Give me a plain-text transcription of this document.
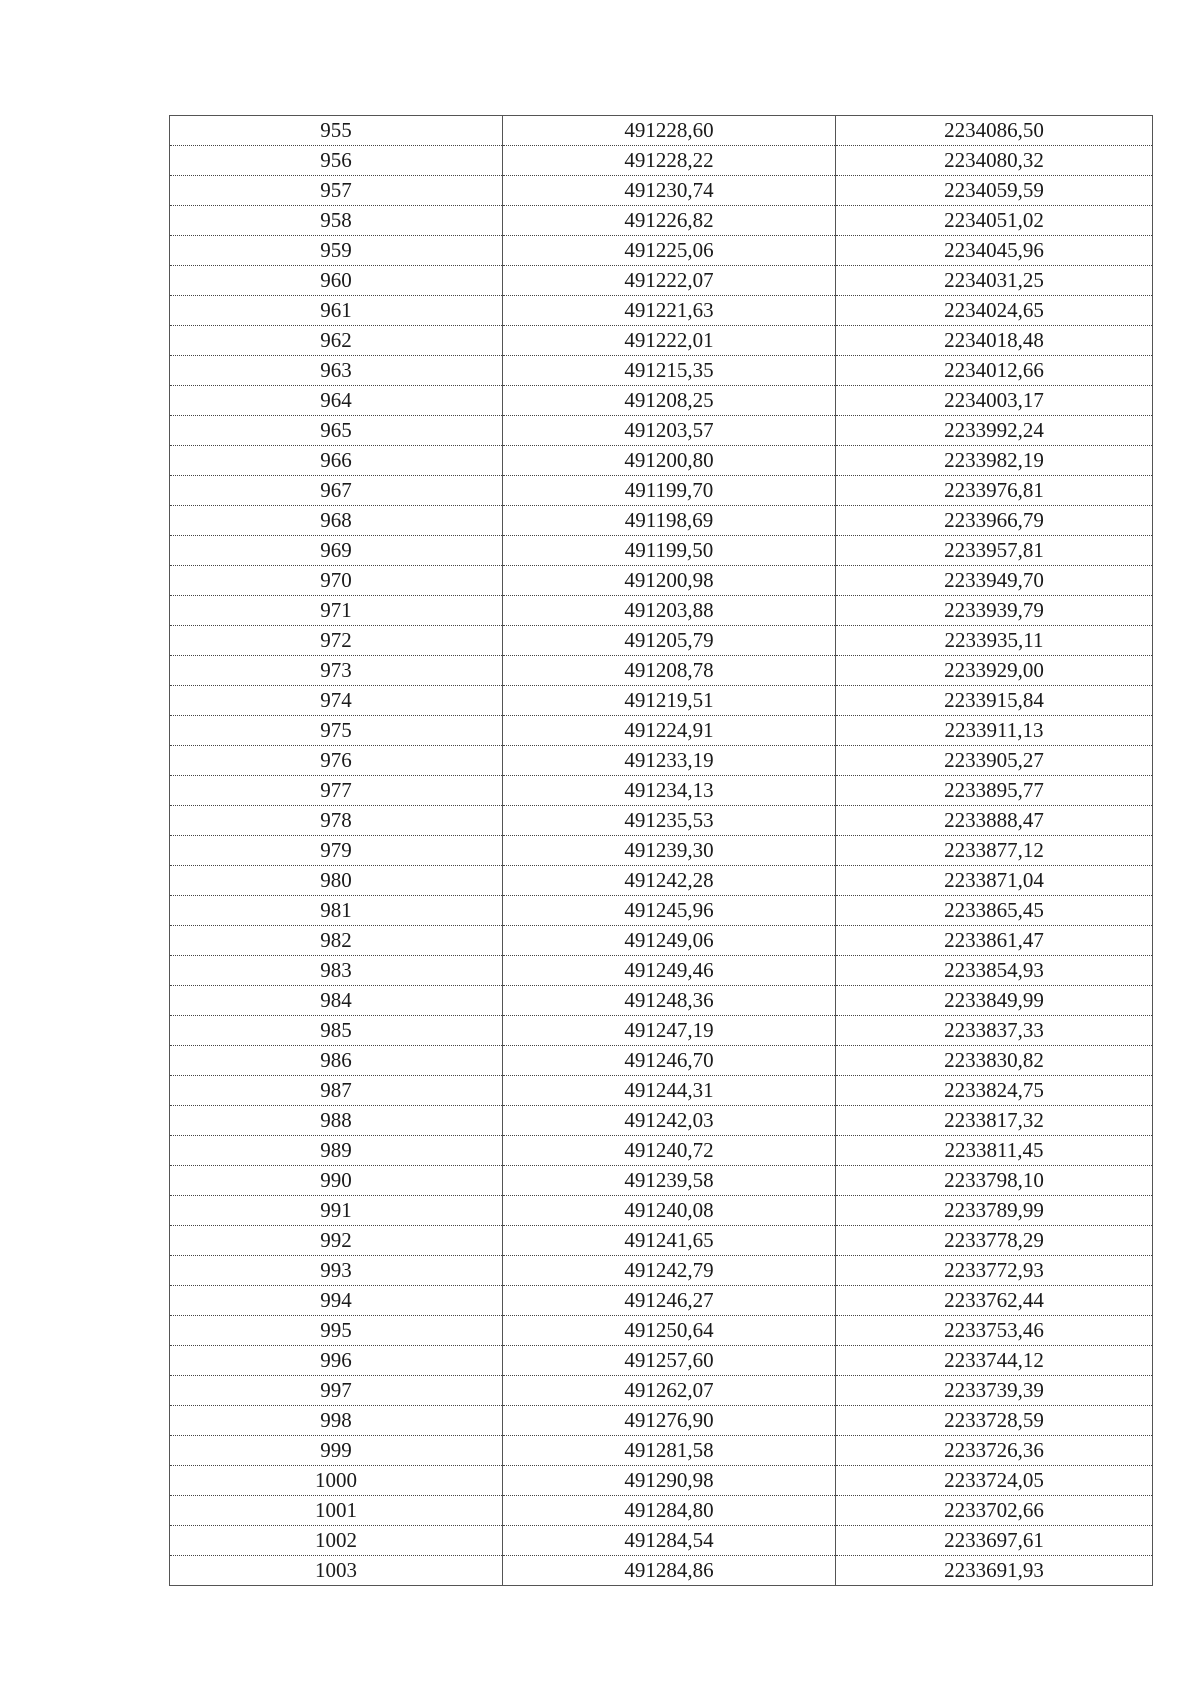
955	491228,60	2234086,50
956	491228,22	2234080,32
957	491230,74	2234059,59
958	491226,82	2234051,02
959	491225,06	2234045,96
960	491222,07	2234031,25
961	491221,63	2234024,65
962	491222,01	2234018,48
963	491215,35	2234012,66
964	491208,25	2234003,17
965	491203,57	2233992,24
966	491200,80	2233982,19
967	491199,70	2233976,81
968	491198,69	2233966,79
969	491199,50	2233957,81
970	491200,98	2233949,70
971	491203,88	2233939,79
972	491205,79	2233935,11
973	491208,78	2233929,00
974	491219,51	2233915,84
975	491224,91	2233911,13
976	491233,19	2233905,27
977	491234,13	2233895,77
978	491235,53	2233888,47
979	491239,30	2233877,12
980	491242,28	2233871,04
981	491245,96	2233865,45
982	491249,06	2233861,47
983	491249,46	2233854,93
984	491248,36	2233849,99
985	491247,19	2233837,33
986	491246,70	2233830,82
987	491244,31	2233824,75
988	491242,03	2233817,32
989	491240,72	2233811,45
990	491239,58	2233798,10
991	491240,08	2233789,99
992	491241,65	2233778,29
993	491242,79	2233772,93
994	491246,27	2233762,44
995	491250,64	2233753,46
996	491257,60	2233744,12
997	491262,07	2233739,39
998	491276,90	2233728,59
999	491281,58	2233726,36
1000	491290,98	2233724,05
1001	491284,80	2233702,66
1002	491284,54	2233697,61
1003	491284,86	2233691,93
